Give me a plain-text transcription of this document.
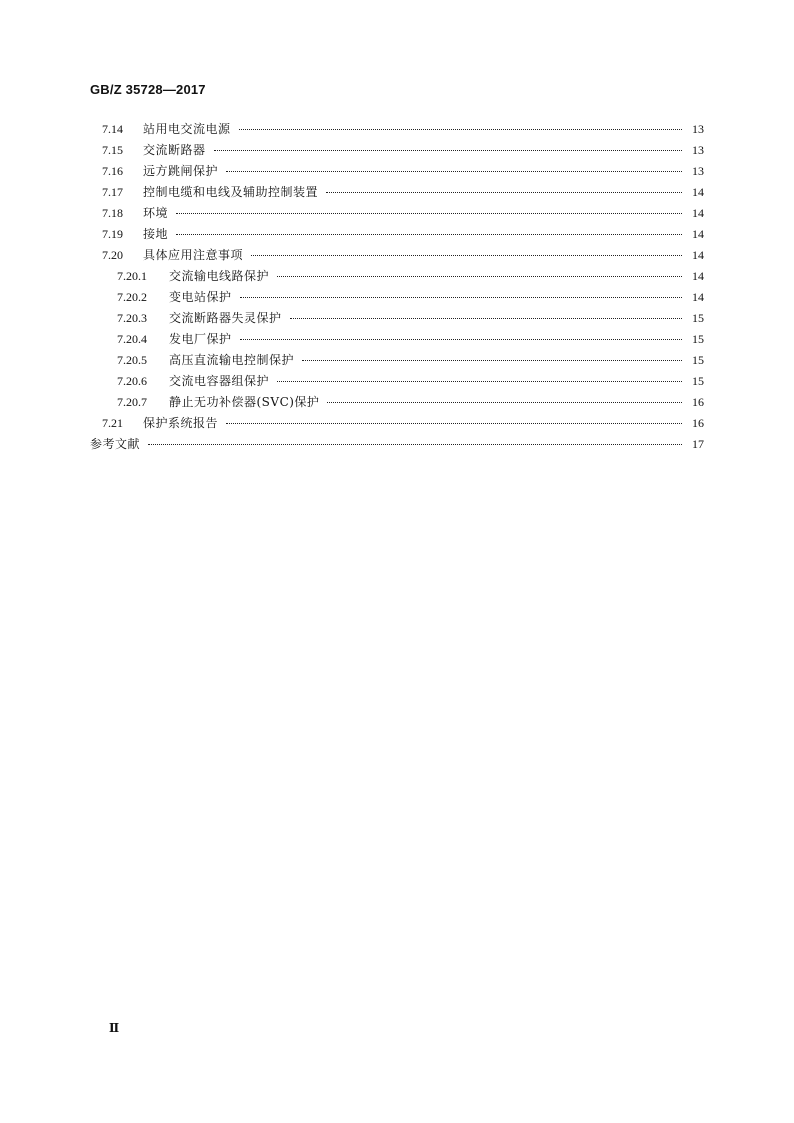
GB/Z 35728—2017
7.14	站用电交流电源	13
7.15	交流断路器	13
7.16	远方跳闸保护	13
7.17	控制电缆和电线及辅助控制装置	14
7.18	环境	14
7.19	接地	14
7.20	具体应用注意事项	14
7.20.1	交流输电线路保护	14
7.20.2	变电站保护	14
7.20.3	交流断路器失灵保护	15
7.20.4	发电厂保护	15
7.20.5	高压直流输电控制保护	15
7.20.6	交流电容器组保护	15
7.20.7	静止无功补偿器(SVC)保护	16
7.21	保护系统报告	16
参考文献	17
Ⅱ
